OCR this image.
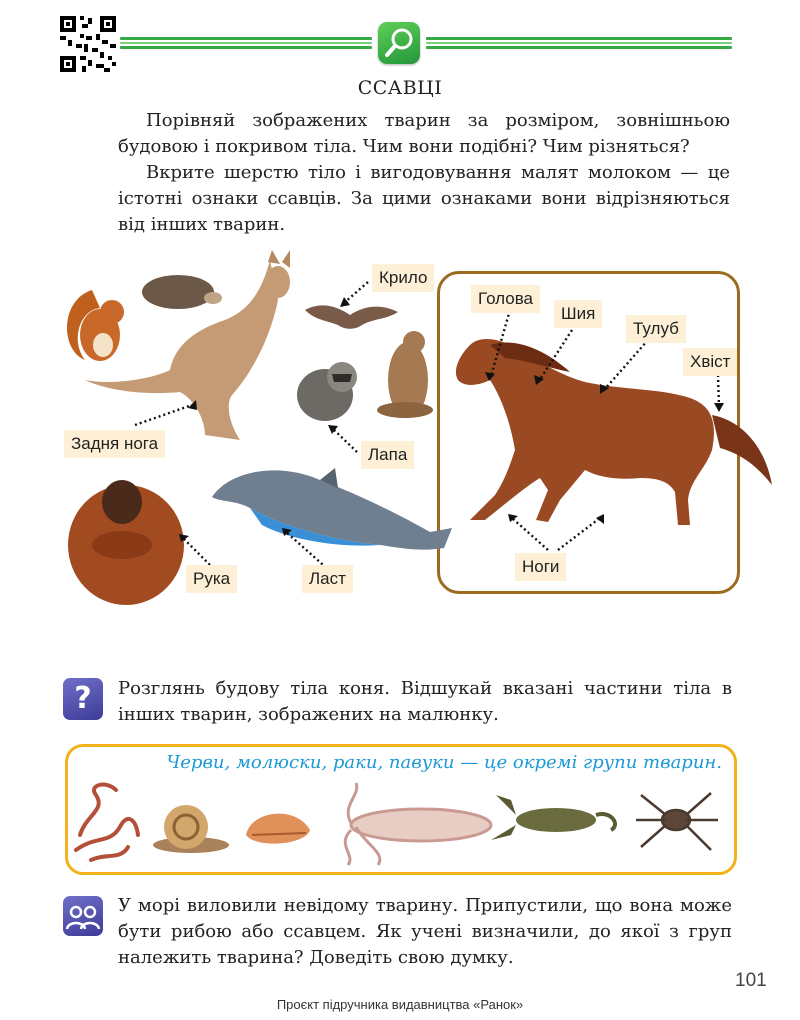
ССАВЦІ
Порівняй зображених тварин за розміром, зовнішньою будовою і покривом тіла. Чим вони подібні? Чим різняться?
Вкрите шерстю тіло і вигодовування малят молоком — це істотні ознаки ссавців. За цими ознаками вони відрізняються від інших тварин.
Крило
Задня нога
Лапа
Рука	Ласт
Голова
Шия
Тулуб
Хвіст
Ноги
?	Розглянь будову тіла коня. Відшукай вказані частини тіла в інших тварин, зображених на малюнку.
Черви, молюски, раки, павуки — це окремі групи тварин.
У морі виловили невідому тварину. Припустили, що вона може бути рибою або ссавцем. Як учені визначили, до якої з груп належить тварина? Доведіть свою думку.
101
Проєкт підручника видавництва «Ранок»
